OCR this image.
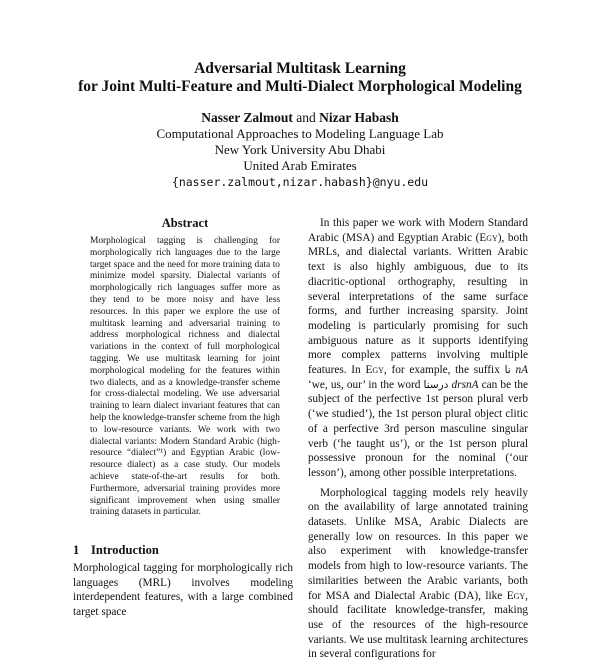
Adversarial Multitask Learning
for Joint Multi-Feature and Multi-Dialect Morphological Modeling
Nasser Zalmout and Nizar Habash
Computational Approaches to Modeling Language Lab
New York University Abu Dhabi
United Arab Emirates
{nasser.zalmout,nizar.habash}@nyu.edu
Abstract
Morphological tagging is challenging for morphologically rich languages due to the large target space and the need for more training data to minimize model sparsity. Dialectal variants of morphologically rich languages suffer more as they tend to be more noisy and have less resources. In this paper we explore the use of multitask learning and adversarial training to address morphological richness and dialectal variations in the context of full morphological tagging. We use multitask learning for joint morphological modeling for the features within two dialects, and as a knowledge-transfer scheme for cross-dialectal modeling. We use adversarial training to learn dialect invariant features that can help the knowledge-transfer scheme from the high to low-resource variants. We work with two dialectal variants: Modern Standard Arabic (high-resource “dialect”¹) and Egyptian Arabic (low-resource dialect) as a case study. Our models achieve state-of-the-art results for both. Furthermore, adversarial training provides more significant improvement when using smaller training datasets in particular.
1 Introduction
Morphological tagging for morphologically rich languages (MRL) involves modeling interdependent features, with a large combined target space

In this paper we work with Modern Standard Arabic (MSA) and Egyptian Arabic (Egy), both MRLs, and dialectal variants. Written Arabic text is also highly ambiguous, due to its diacritic-optional orthography, resulting in several interpretations of the same surface forms, and further increasing sparsity. Joint modeling is particularly promising for such ambiguous nature as it supports identifying more complex patterns involving multiple features. In Egy, for example, the suffix نا nA ‘we, us, our’ in the word درسنا drsnA can be the subject of the perfective 1st person plural verb (‘we studied’), the 1st person plural object clitic of a perfective 3rd person masculine singular verb (‘he taught us’), or the 1st person plural possessive pronoun for the nominal (‘our lesson’), among other possible interpretations.

Morphological tagging models rely heavily on the availability of large annotated training datasets. Unlike MSA, Arabic Dialects are generally low on resources. In this paper we also experiment with knowledge-transfer models from high to low-resource variants. The similarities between the Arabic variants, both for MSA and Dialectal Arabic (DA), like Egy, should facilitate knowledge-transfer, making use of the resources of the high-resource variants. We use multitask learning architectures in several configurations for
